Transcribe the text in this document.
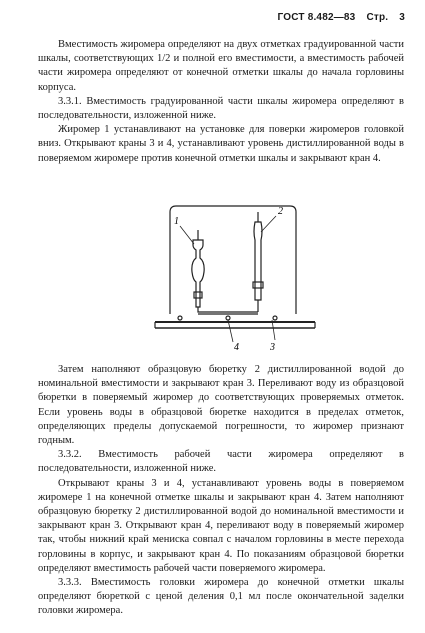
ГОСТ 8.482—83 Стр. 3

Вместимость жиромера определяют на двух отметках градуированной части шкалы, соответствующих 1/2 и полной его вместимости, а вместимость рабочей части жиромера определяют от конечной отметки шкалы до начала горловины корпуса.

3.3.1. Вместимость градуированной части шкалы жиромера определяют в последовательности, изложенной ниже.

Жиромер 1 устанавливают на установке для поверки жиромеров головкой вниз. Открывают краны 3 и 4, устанавливают уровень дистиллированной воды в поверяемом жиромере против конечной отметки шкалы и закрывают кран 4.

1
2
3
4

Затем наполняют образцовую бюретку 2 дистиллированной водой до номинальной вместимости и закрывают кран 3. Переливают воду из образцовой бюретки в поверяемый жиромер до соответствующих проверяемых отметок. Если уровень воды в образцовой бюретке находится в пределах отметок, определяющих пределы допускаемой погрешности, то жиромер признают годным.

3.3.2. Вместимость рабочей части жиромера определяют в последовательности, изложенной ниже.

Открывают краны 3 и 4, устанавливают уровень воды в поверяемом жиромере 1 на конечной отметке шкалы и закрывают кран 4. Затем наполняют образцовую бюретку 2 дистиллированной водой до номинальной вместимости и закрывают кран 3. Открывают кран 4, переливают воду в поверяемый жиромер так, чтобы нижний край мениска совпал с началом горловины в месте перехода горловины в корпус, и закрывают кран 4. По показаниям образцовой бюретки определяют вместимость рабочей части поверяемого жиромера.

3.3.3. Вместимость головки жиромера до конечной отметки шкалы определяют бюреткой с ценой деления 0,1 мл после окончательной заделки головки жиромера.
